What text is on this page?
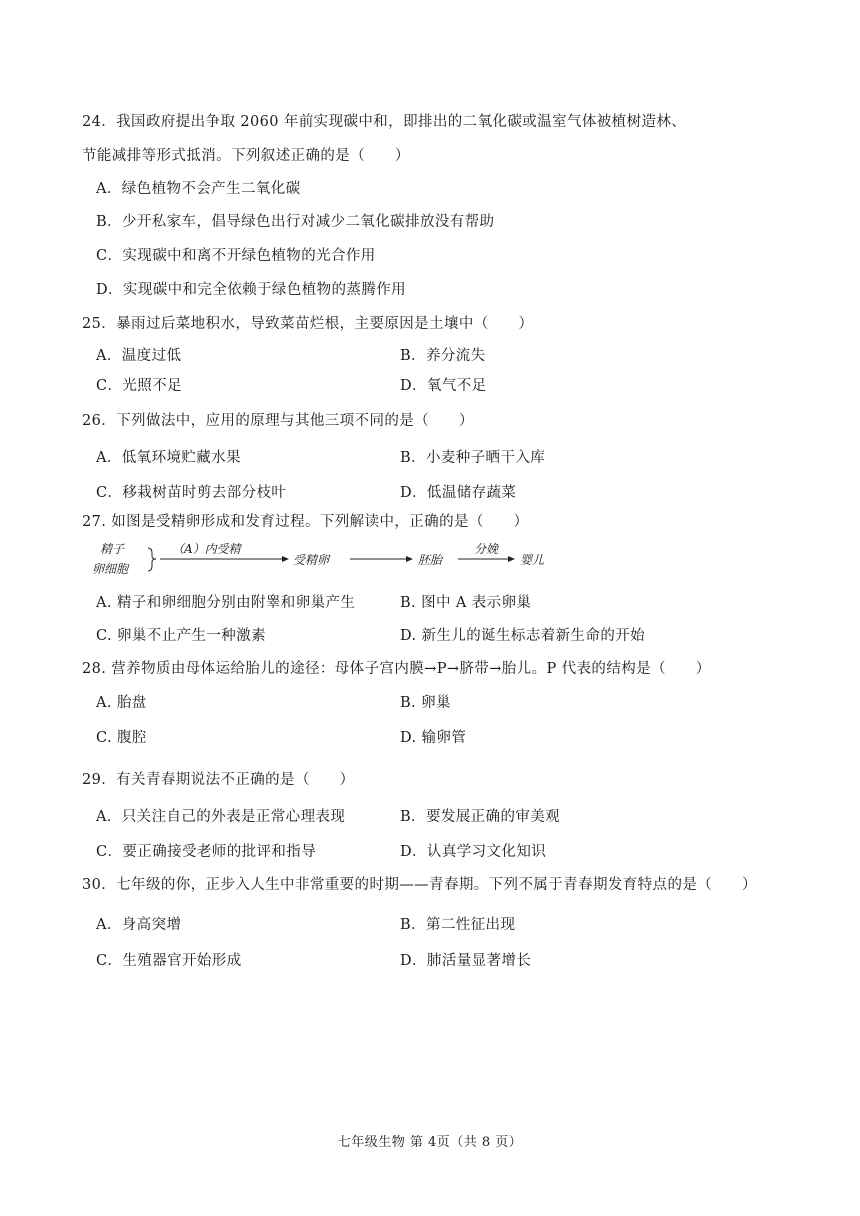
24．我国政府提出争取 2060 年前实现碳中和，即排出的二氧化碳或温室气体被植树造林、
节能减排等形式抵消。下列叙述正确的是（　　）
A．绿色植物不会产生二氧化碳
B．少开私家车，倡导绿色出行对减少二氧化碳排放没有帮助
C．实现碳中和离不开绿色植物的光合作用
D．实现碳中和完全依赖于绿色植物的蒸腾作用
25．暴雨过后菜地积水，导致菜苗烂根，主要原因是土壤中（　　）
A．温度过低	B．养分流失
C．光照不足	D．氧气不足
26．下列做法中，应用的原理与其他三项不同的是（　　）
A．低氧环境贮藏水果	B．小麦种子晒干入库
C．移栽树苗时剪去部分枝叶	D．低温储存蔬菜
27. 如图是受精卵形成和发育过程。下列解读中，正确的是（　　）
精子
卵细胞
（A）内受精
受精卵	胚胎
分娩
婴儿
A. 精子和卵细胞分别由附睾和卵巢产生	B. 图中 A 表示卵巢
C. 卵巢不止产生一种激素	D. 新生儿的诞生标志着新生命的开始
28. 营养物质由母体运给胎儿的途径：母体子宫内膜→P→脐带→胎儿。P 代表的结构是（　　）
A. 胎盘	B. 卵巢
C. 腹腔	D. 输卵管
29．有关青春期说法不正确的是（　　）
A．只关注自己的外表是正常心理表现	B．要发展正确的审美观
C．要正确接受老师的批评和指导	D．认真学习文化知识
30．七年级的你，正步入人生中非常重要的时期——青春期。下列不属于青春期发育特点的是（　　）
A．身高突增	B．第二性征出现
C．生殖器官开始形成	D．肺活量显著增长
七年级生物 第 4页（共 8 页）
